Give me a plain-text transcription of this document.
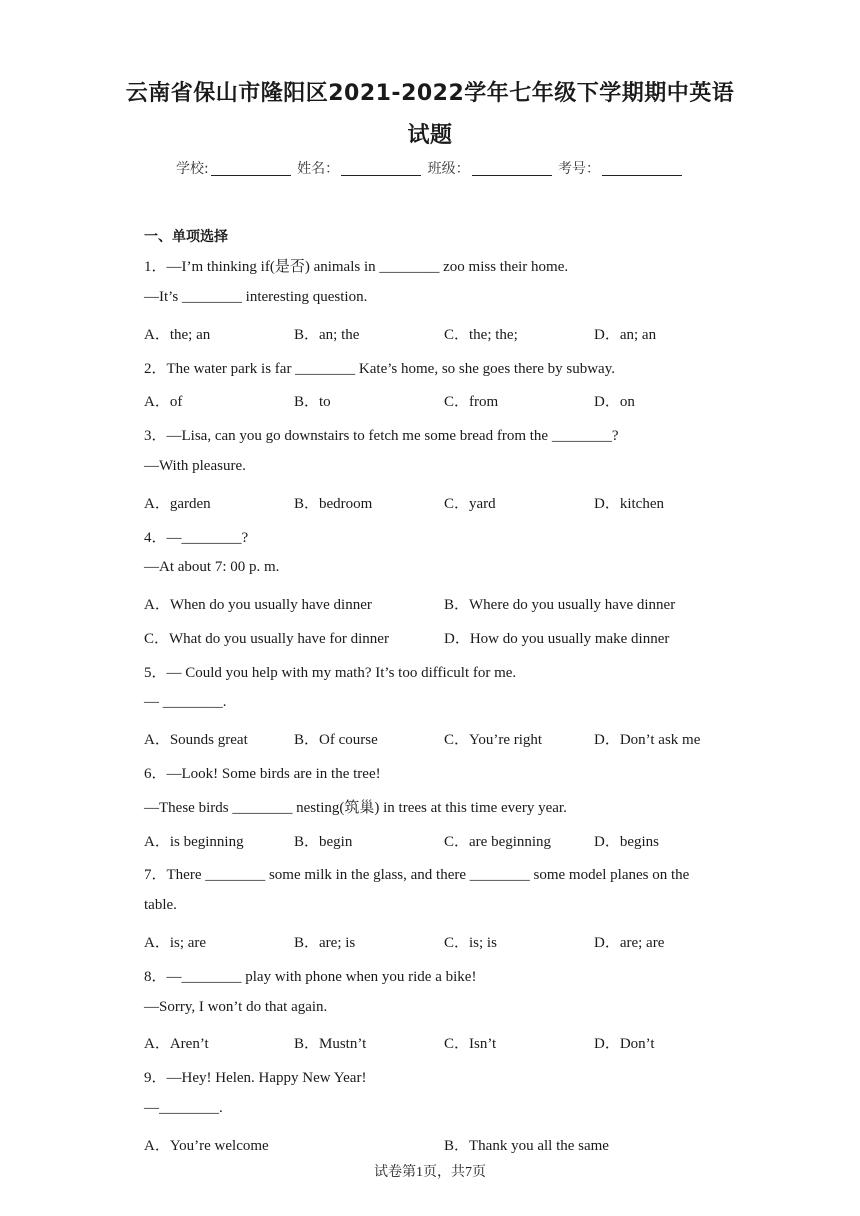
云南省保山市隆阳区2021-2022学年七年级下学期期中英语
试题
学校:	姓名：	班级：	考号：
一、单项选择
1．—I’m thinking if(是否) animals in ________ zoo miss their home.
—It’s ________ interesting question.
A．the; an	B．an; the	C．the; the;	D．an; an
2．The water park is far ________ Kate’s home, so she goes there by subway.
A．of	B．to	C．from	D．on
3．—Lisa, can you go downstairs to fetch me some bread from the ________?
—With pleasure.
A．garden	B．bedroom	C．yard	D．kitchen
4．—________?
—At about 7: 00 p. m.
A．When do you usually have dinner	B．Where do you usually have dinner
C．What do you usually have for dinner	D．How do you usually make dinner
5．— Could you help with my math? It’s too difficult for me.
— ________.
A．Sounds great	B．Of course	C．You’re right	D．Don’t ask me
6．—Look! Some birds are in the tree!
—These birds ________ nesting(筑巢) in trees at this time every year.
A．is beginning	B．begin	C．are beginning	D．begins
7．There ________ some milk in the glass, and there ________ some model planes on the
table.
A．is; are	B．are; is	C．is; is	D．are; are
8．—________ play with phone when you ride a bike!
—Sorry, I won’t do that again.
A．Aren’t	B．Mustn’t	C．Isn’t	D．Don’t
9．—Hey! Helen. Happy New Year!
—________.
A．You’re welcome	B．Thank you all the same
试卷第1页，共7页
